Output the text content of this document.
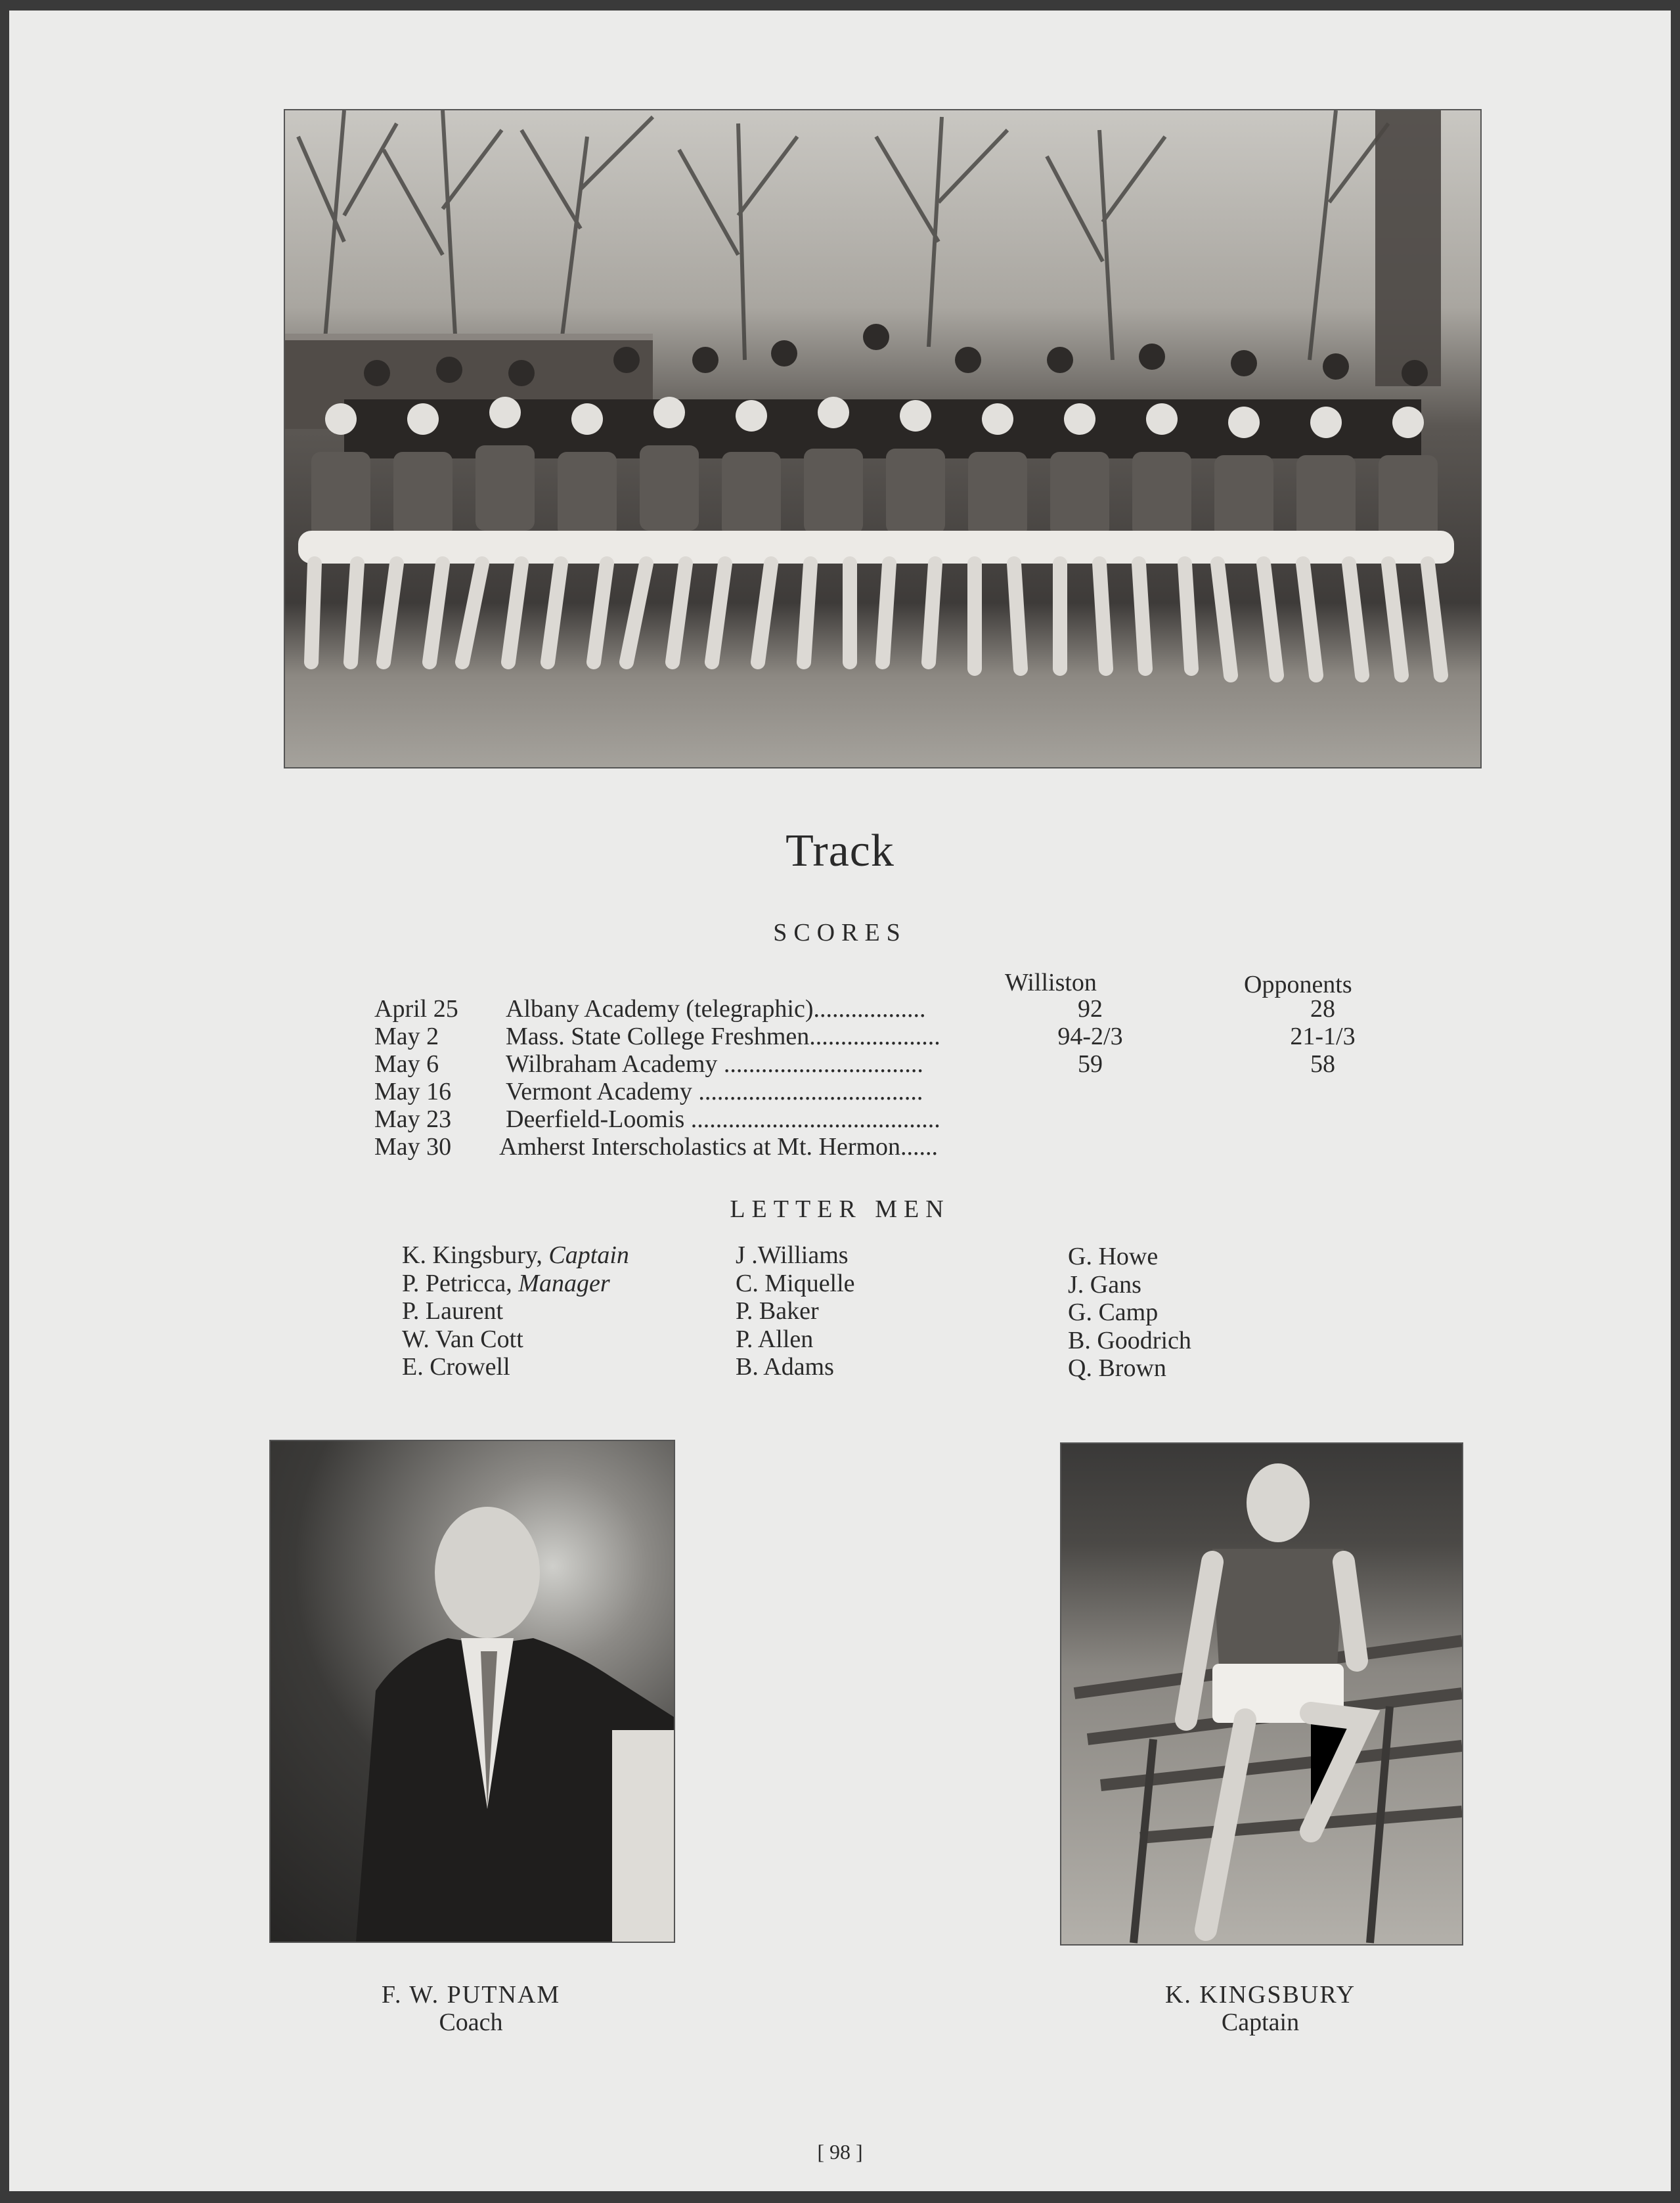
Track
SCORES
Williston	Opponents
April 25	Albany Academy (telegraphic)..................	92	28
May 2	Mass. State College Freshmen.....................	94-2/3	21-1/3
May 6	Wilbraham Academy ................................	59	58
May 16	Vermont Academy ....................................
May 23	Deerfield-Loomis ........................................
May 30	Amherst Interscholastics at Mt. Hermon......
LETTER MEN
K. Kingsbury, Captain
P. Petricca, Manager
P. Laurent
W. Van Cott
E. Crowell
J .Williams
C. Miquelle
P. Baker
P. Allen
B. Adams
G. Howe
J. Gans
G. Camp
B. Goodrich
Q. Brown
F. W. PUTNAM
Coach
K. KINGSBURY
Captain
[ 98 ]
